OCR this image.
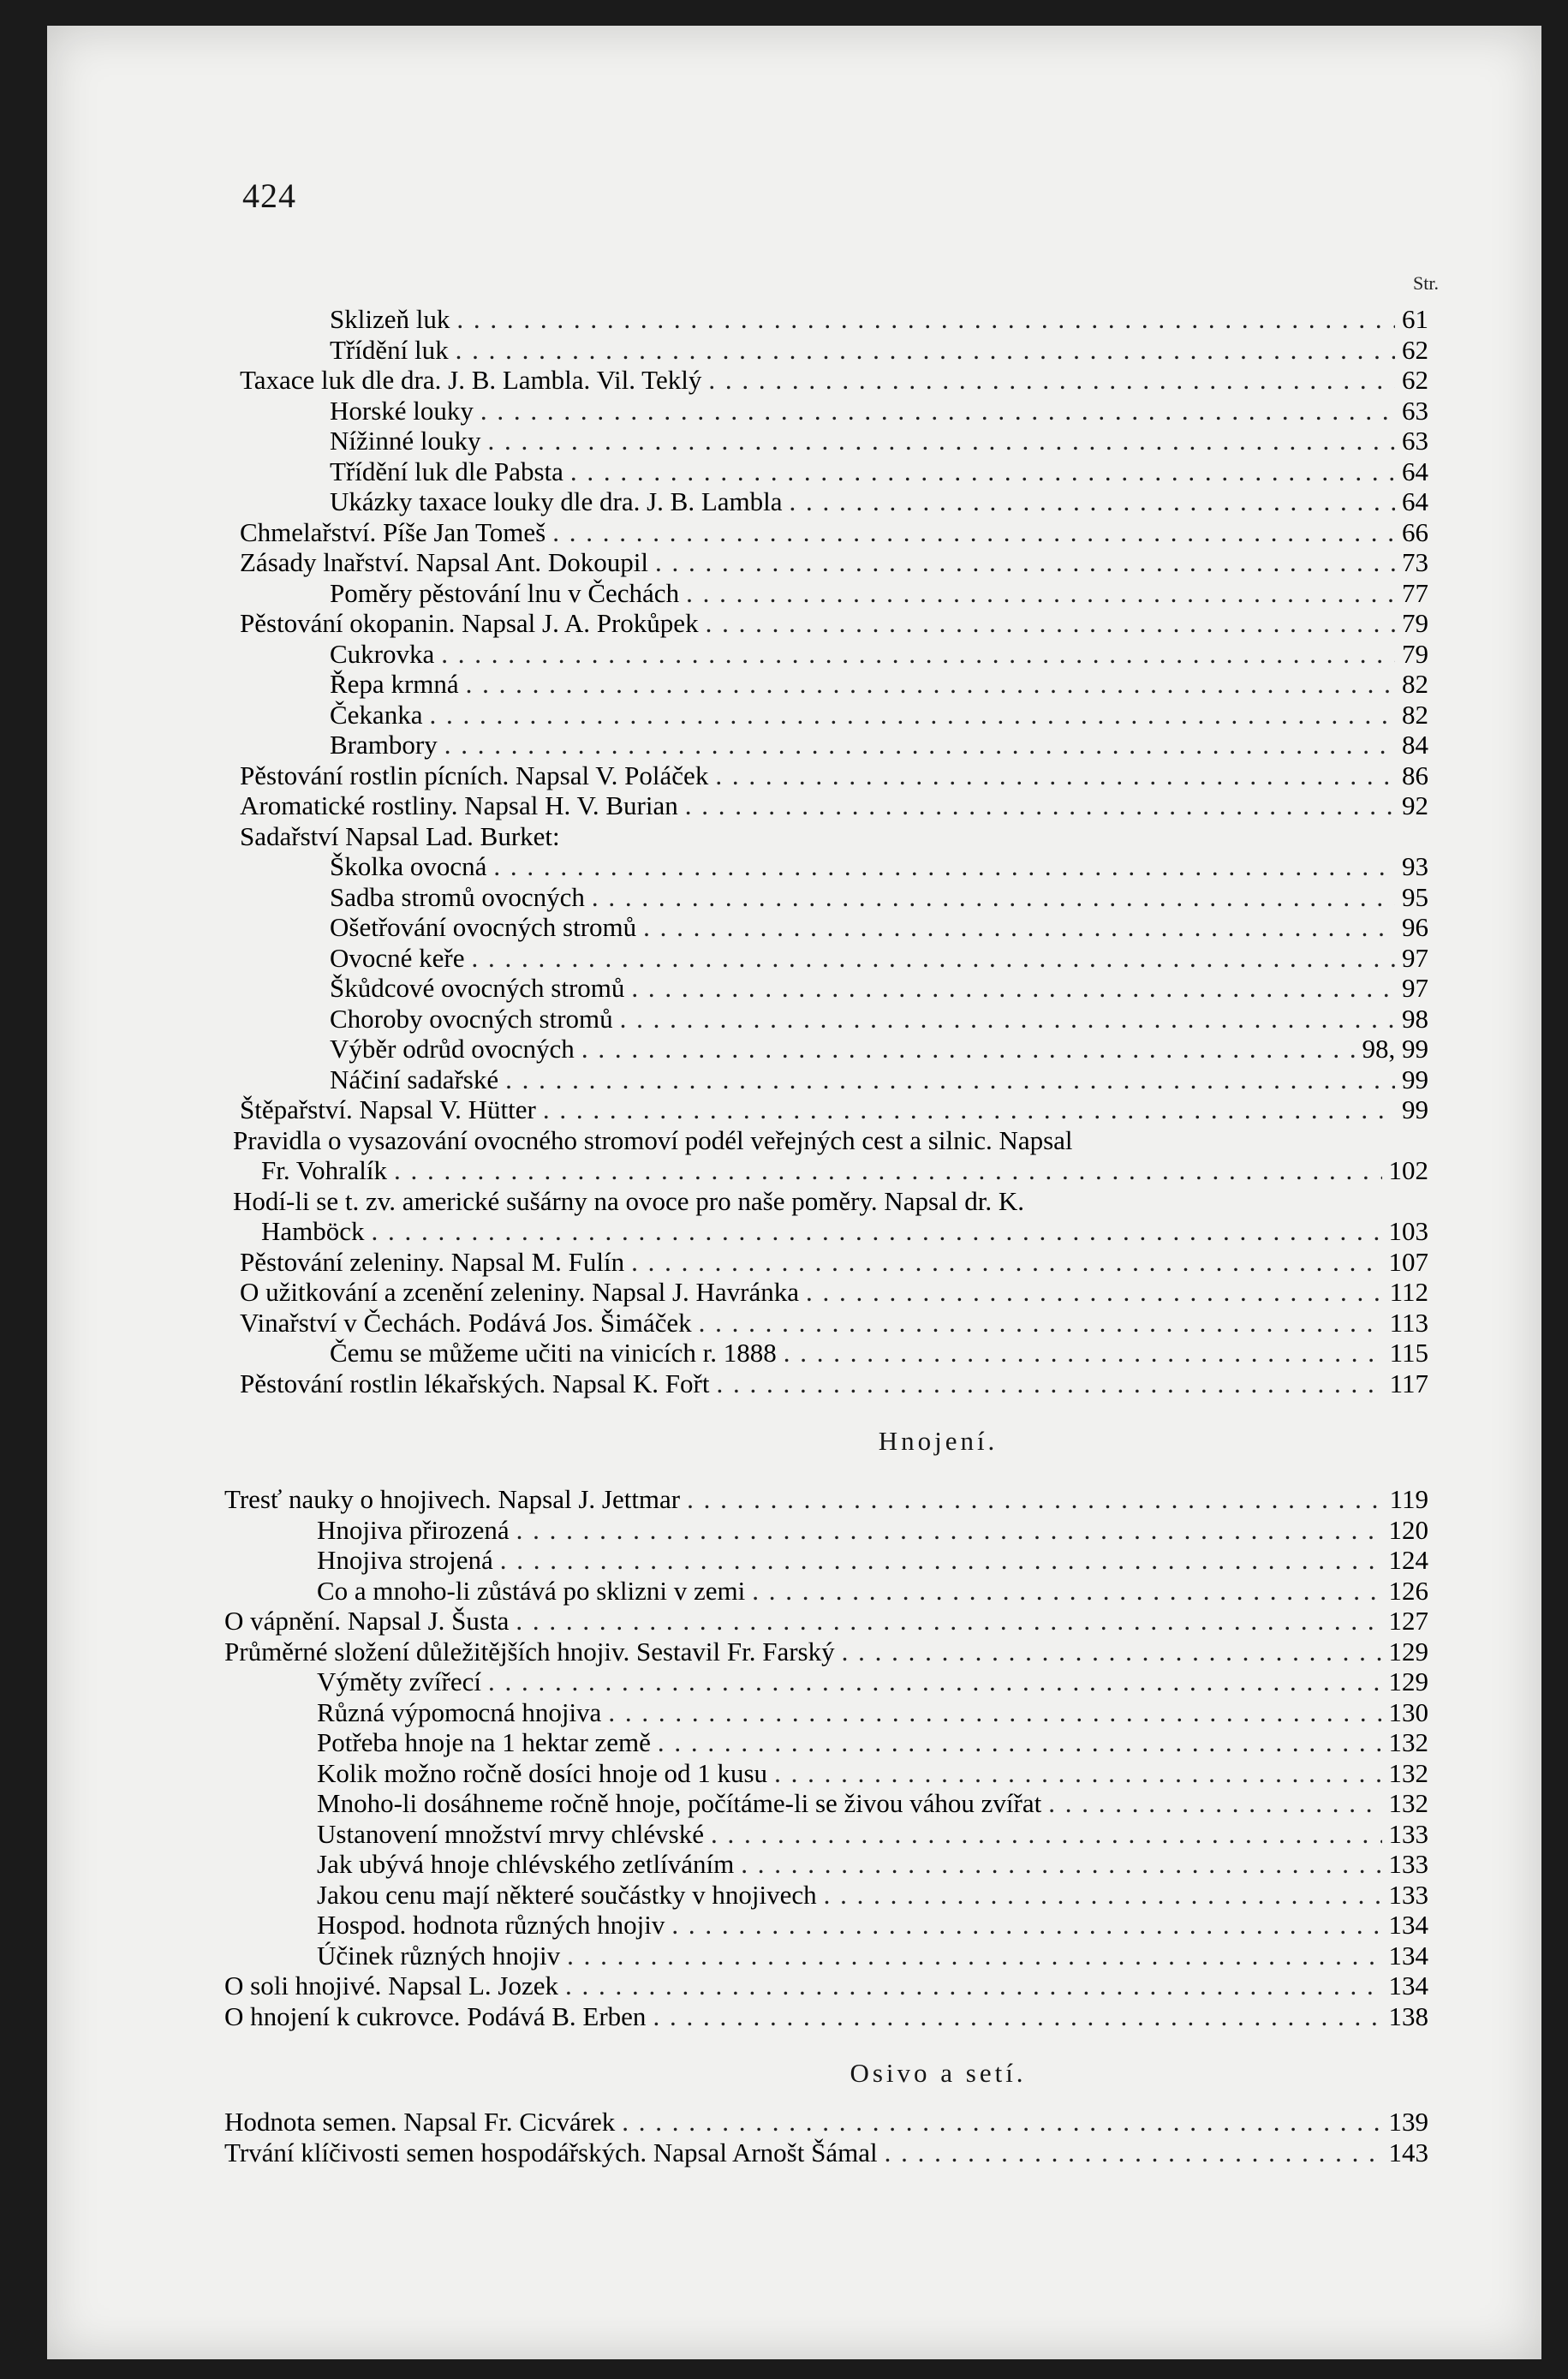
424
Str.
Sklizeň luk . . .	61
Třídění luk . . .	62
Taxace luk dle dra. J. B. Lambla. Vil. Teklý . . .	62
Horské louky . . .	63
Nížinné louky . . .	63
Třídění luk dle Pabsta . . .	64
Ukázky taxace louky dle dra. J. B. Lambla . . .	64
Chmelařství. Píše Jan Tomeš . . .	66
Zásady lnařství. Napsal Ant. Dokoupil . . .	73
Poměry pěstování lnu v Čechách . . .	77
Pěstování okopanin. Napsal J. A. Prokůpek . . .	79
Cukrovka . . .	79
Řepa krmná . . .	82
Čekanka . . .	82
Brambory . . .	84
Pěstování rostlin pícních. Napsal V. Poláček . . .	86
Aromatické rostliny. Napsal H. V. Burian . . .	92
Sadařství Napsal Lad. Burket:
Školka ovocná . . .	93
Sadba stromů ovocných . . .	95
Ošetřování ovocných stromů . . .	96
Ovocné keře . . .	97
Škůdcové ovocných stromů . . .	97
Choroby ovocných stromů . . .	98
Výběr odrůd ovocných . . .	98, 99
Náčiní sadařské . . .	99
Štěpařství. Napsal V. Hütter . . .	99
Pravidla o vysazování ovocného stromoví podél veřejných cest a silnic. Napsal
Fr. Vohralík . . .	102
Hodí-li se t. zv. americké sušárny na ovoce pro naše poměry. Napsal dr. K.
Hamböck . . .	103
Pěstování zeleniny. Napsal M. Fulín . . .	107
O užitkování a zcenění zeleniny. Napsal J. Havránka . . .	112
Vinařství v Čechách. Podává Jos. Šimáček . . .	113
Čemu se můžeme učiti na vinicích r. 1888 . . .	115
Pěstování rostlin lékařských. Napsal K. Fořt . . .	117
Hnojení.
Tresť nauky o hnojivech. Napsal J. Jettmar . . .	119
Hnojiva přirozená . . .	120
Hnojiva strojená . . .	124
Co a mnoho-li zůstává po sklizni v zemi . . .	126
O vápnění. Napsal J. Šusta . . .	127
Průměrné složení důležitějších hnojiv. Sestavil Fr. Farský . . .	129
Výměty zvířecí . . .	129
Různá výpomocná hnojiva . . .	130
Potřeba hnoje na 1 hektar země . . .	132
Kolik možno ročně dosíci hnoje od 1 kusu . . .	132
Mnoho-li dosáhneme ročně hnoje, počítáme-li se živou váhou zvířat . . .	132
Ustanovení množství mrvy chlévské . . .	133
Jak ubývá hnoje chlévského zetlíváním . . .	133
Jakou cenu mají některé součástky v hnojivech . . .	133
Hospod. hodnota různých hnojiv . . .	134
Účinek různých hnojiv . . .	134
O soli hnojivé. Napsal L. Jozek . . .	134
O hnojení k cukrovce. Podává B. Erben . . .	138
Osivo a setí.
Hodnota semen. Napsal Fr. Cicvárek . . .	139
Trvání klíčivosti semen hospodářských. Napsal Arnošt Šámal . . .	143
